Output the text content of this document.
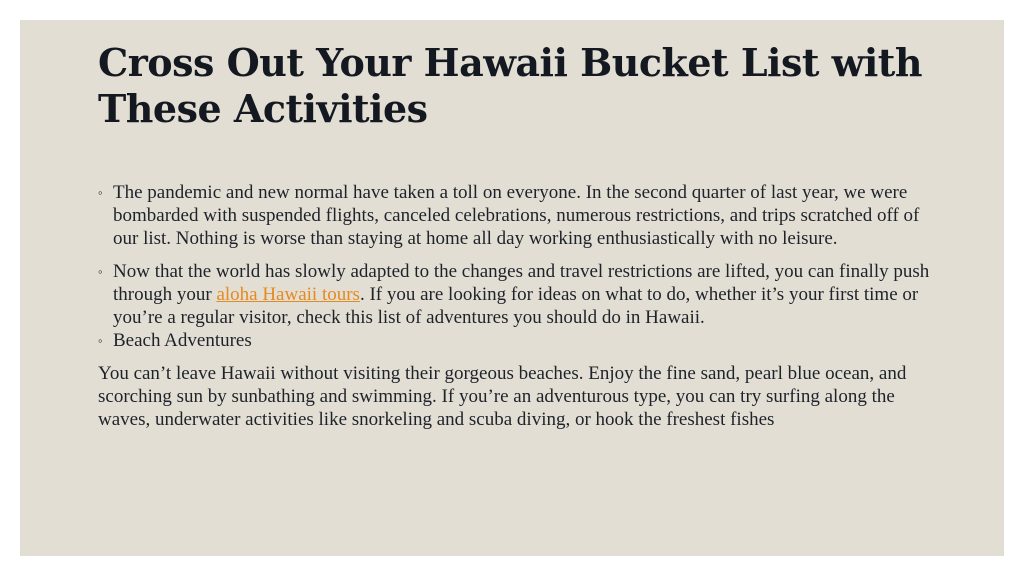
Cross Out Your Hawaii Bucket List with These Activities
◦ The pandemic and new normal have taken a toll on everyone. In the second quarter of last year, we were bombarded with suspended flights, canceled celebrations, numerous restrictions, and trips scratched off of our list. Nothing is worse than staying at home all day working enthusiastically with no leisure.
◦ Now that the world has slowly adapted to the changes and travel restrictions are lifted, you can finally push through your aloha Hawaii tours. If you are looking for ideas on what to do, whether it’s your first time or you’re a regular visitor, check this list of adventures you should do in Hawaii.
◦ Beach Adventures

You can’t leave Hawaii without visiting their gorgeous beaches. Enjoy the fine sand, pearl blue ocean, and scorching sun by sunbathing and swimming. If you’re an adventurous type, you can try surfing along the waves, underwater activities like snorkeling and scuba diving, or hook the freshest fishes
